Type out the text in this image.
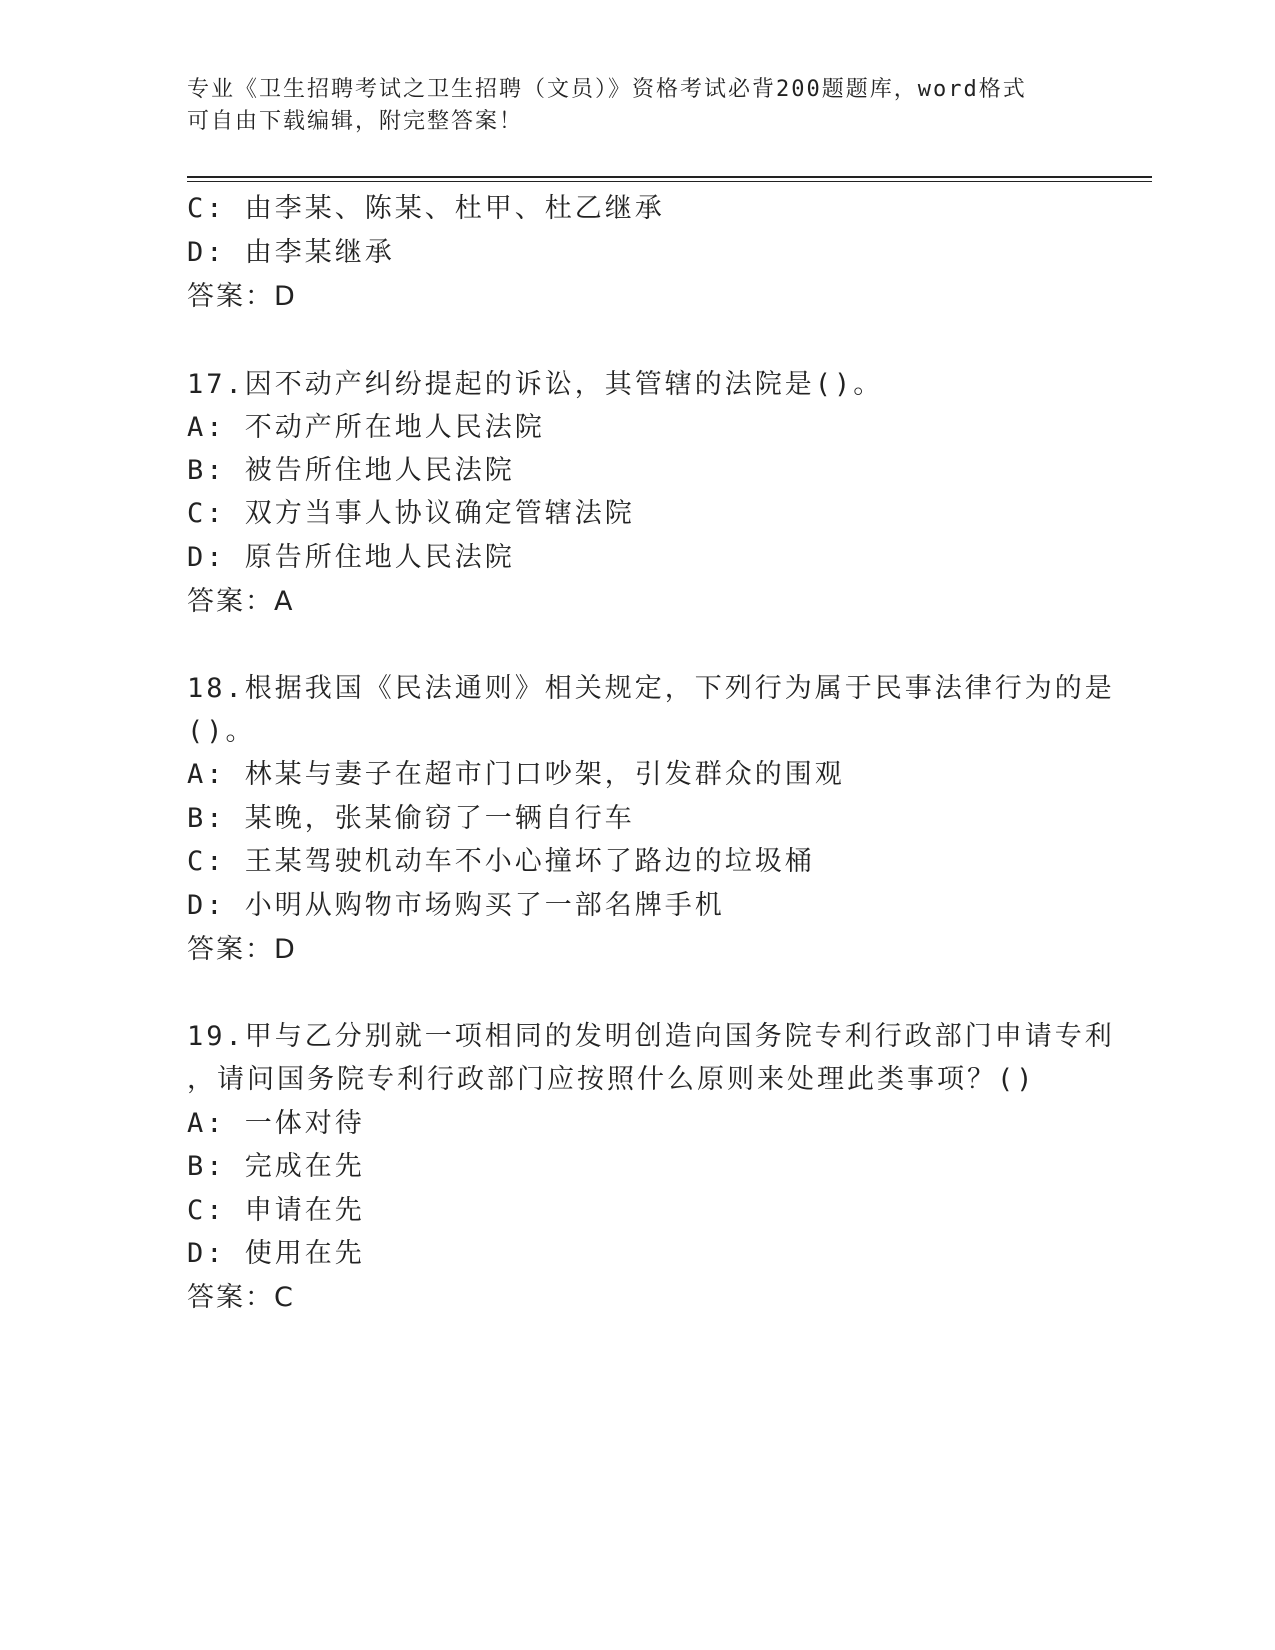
专业《卫生招聘考试之卫生招聘（文员）》资格考试必背200题题库，word格式
可自由下载编辑，附完整答案！
C: 由李某、陈某、杜甲、杜乙继承
D: 由李某继承
答案：D
17.因不动产纠纷提起的诉讼，其管辖的法院是()。
A: 不动产所在地人民法院
B: 被告所住地人民法院
C: 双方当事人协议确定管辖法院
D: 原告所住地人民法院
答案：A
18.根据我国《民法通则》相关规定，下列行为属于民事法律行为的是
()。
A: 林某与妻子在超市门口吵架，引发群众的围观
B: 某晚，张某偷窃了一辆自行车
C: 王某驾驶机动车不小心撞坏了路边的垃圾桶
D: 小明从购物市场购买了一部名牌手机
答案：D
19.甲与乙分别就一项相同的发明创造向国务院专利行政部门申请专利
，请问国务院专利行政部门应按照什么原则来处理此类事项？()
A: 一体对待
B: 完成在先
C: 申请在先
D: 使用在先
答案：C
